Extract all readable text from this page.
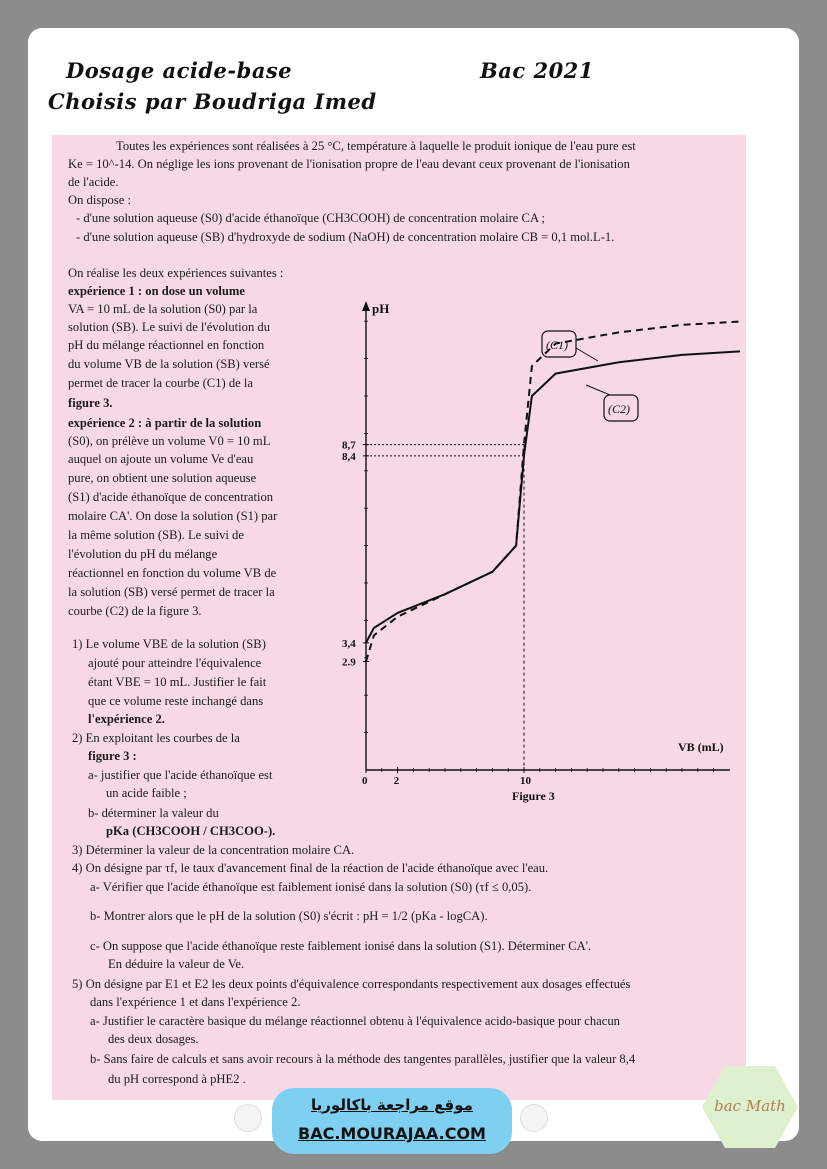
Dosage acide-base	Bac 2021
Choisis par Boudriga Imed
Toutes les expériences sont réalisées à 25 °C, température à laquelle le produit ionique de l'eau pure est
Ke = 10^-14. On néglige les ions provenant de l'ionisation propre de l'eau devant ceux provenant de l'ionisation
de l'acide.
On dispose :
- d'une solution aqueuse (S0) d'acide éthanoïque (CH3COOH) de concentration molaire CA ;
- d'une solution aqueuse (SB) d'hydroxyde de sodium (NaOH) de concentration molaire CB = 0,1 mol.L-1.
On réalise les deux expériences suivantes :
expérience 1 : on dose un volume
VA = 10 mL de la solution (S0) par la
solution (SB). Le suivi de l'évolution du
pH du mélange réactionnel en fonction
du volume VB de la solution (SB) versé
permet de tracer la courbe (C1) de la
figure 3.
expérience 2 : à partir de la solution
(S0), on prélève un volume V0 = 10 mL
auquel on ajoute un volume Ve d'eau
pure, on obtient une solution aqueuse
(S1) d'acide éthanoïque de concentration
molaire CA'. On dose la solution (S1) par
la même solution (SB). Le suivi de
l'évolution du pH du mélange
réactionnel en fonction du volume VB de
la solution (SB) versé permet de tracer la
courbe (C2) de la figure 3.
1) Le volume VBE de la solution (SB)
ajouté pour atteindre l'équivalence
étant VBE = 10 mL. Justifier le fait
que ce volume reste inchangé dans
l'expérience 2.
2) En exploitant les courbes de la
figure 3 :
a- justifier que l'acide éthanoïque est
un acide faible ;
b- déterminer la valeur du
pKa (CH3COOH / CH3COO-).
3) Déterminer la valeur de la concentration molaire CA.
4) On désigne par τf, le taux d'avancement final de la réaction de l'acide éthanoïque avec l'eau.
a- Vérifier que l'acide éthanoïque est faiblement ionisé dans la solution (S0) (τf ≤ 0,05).
b- Montrer alors que le pH de la solution (S0) s'écrit : pH = 1/2 (pKa - logCA).
c- On suppose que l'acide éthanoïque reste faiblement ionisé dans la solution (S1). Déterminer CA'.
En déduire la valeur de Ve.
5) On désigne par E1 et E2 les deux points d'équivalence correspondants respectivement aux dosages effectués
dans l'expérience 1 et dans l'expérience 2.
a- Justifier le caractère basique du mélange réactionnel obtenu à l'équivalence acido-basique pour chacun
des deux dosages.
b- Sans faire de calculs et sans avoir recours à la méthode des tangentes parallèles, justifier que la valeur 8,4
du pH correspond à pHE2 .
pH
VB (mL)
Figure 3
2.9
3,4
8,4
8,7
0 2	10
(C1)
(C2)
موقع مراجعة باكالوريا
BAC.MOURAJAA.COM
bac Math
